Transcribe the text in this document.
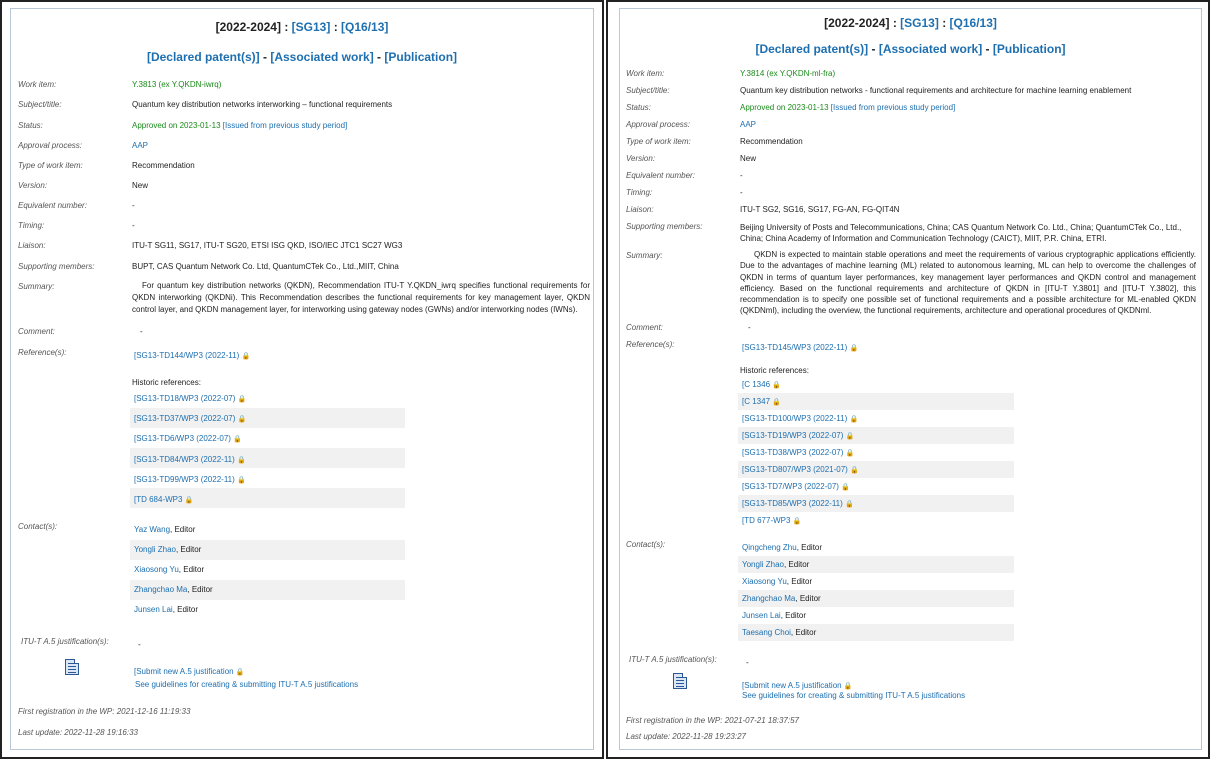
[2022-2024] : [SG13] : [Q16/13]
[Declared patent(s)] - [Associated work] - [Publication]
Work item:	Y.3813 (ex Y.QKDN-iwrq)
Subject/title:	Quantum key distribution networks interworking – functional requirements
Status:	Approved on 2023-01-13 [Issued from previous study period]
Approval process:	AAP
Type of work item:	Recommendation
Version:	New
Equivalent number:	-
Timing:	-
Liaison:	ITU-T SG11, SG17, ITU-T SG20, ETSI ISG QKD, ISO/IEC JTC1 SC27 WG3
Supporting members:	BUPT, CAS Quantum Network Co. Ltd, QuantumCTek Co., Ltd.,MIIT, China
Summary:	For quantum key distribution networks (QKDN), Recommendation ITU-T Y.QKDN_iwrq specifies functional requirements for QKDN interworking (QKDNi). This Recommendation describes the functional requirements for key management layer, QKDN control layer, and QKDN management layer, for interworking using gateway nodes (GWNs) and/or interworking nodes (IWNs).
Comment:	-
Reference(s):	[SG13-TD144/WP3 (2022-11) 🔒
Historic references:
[SG13-TD18/WP3 (2022-07) 🔒
[SG13-TD37/WP3 (2022-07) 🔒
[SG13-TD6/WP3 (2022-07) 🔒
[SG13-TD84/WP3 (2022-11) 🔒
[SG13-TD99/WP3 (2022-11) 🔒
[TD 684-WP3 🔒
Contact(s):	Yaz Wang, Editor
Yongli Zhao, Editor
Xiaosong Yu, Editor
Zhangchao Ma, Editor
Junsen Lai, Editor
ITU-T A.5 justification(s):	-
[Submit new A.5 justification 🔒
See guidelines for creating & submitting ITU-T A.5 justifications
First registration in the WP: 2021-12-16 11:19:33
Last update: 2022-11-28 19:16:33
[2022-2024] : [SG13] : [Q16/13]
[Declared patent(s)] - [Associated work] - [Publication]
Work item:	Y.3814 (ex Y.QKDN-ml-fra)
Subject/title:	Quantum key distribution networks - functional requirements and architecture for machine learning enablement
Status:	Approved on 2023-01-13 [Issued from previous study period]
Approval process:	AAP
Type of work item:	Recommendation
Version:	New
Equivalent number:	-
Timing:	-
Liaison:	ITU-T SG2, SG16, SG17, FG-AN, FG-QIT4N
Supporting members:	Beijing University of Posts and Telecommunications, China; CAS Quantum Network Co. Ltd., China; QuantumCTek Co., Ltd., China; China Academy of Information and Communication Technology (CAICT), MIIT, P.R. China, ETRI.
Summary:	QKDN is expected to maintain stable operations and meet the requirements of various cryptographic applications efficiently. Due to the advantages of machine learning (ML) related to autonomous learning, ML can help to overcome the challenges of QKDN in terms of quantum layer performances, key management layer performances and QKDN control and management efficiency. Based on the functional requirements and architecture of QKDN in [ITU-T Y.3801] and [ITU-T Y.3802], this recommendation is to specify one possible set of functional requirements and a possible architecture for ML-enabled QKDN (QKDNml), including the overview, the functional requirements, architecture and operational procedures of QKDNml.
Comment:	-
Reference(s):	[SG13-TD145/WP3 (2022-11) 🔒
Historic references:
[C 1346 🔒
[C 1347 🔒
[SG13-TD100/WP3 (2022-11) 🔒
[SG13-TD19/WP3 (2022-07) 🔒
[SG13-TD38/WP3 (2022-07) 🔒
[SG13-TD807/WP3 (2021-07) 🔒
[SG13-TD7/WP3 (2022-07) 🔒
[SG13-TD85/WP3 (2022-11) 🔒
[TD 677-WP3 🔒
Contact(s):	Qingcheng Zhu, Editor
Yongli Zhao, Editor
Xiaosong Yu, Editor
Zhangchao Ma, Editor
Junsen Lai, Editor
Taesang Choi, Editor
ITU-T A.5 justification(s):	-
[Submit new A.5 justification 🔒
See guidelines for creating & submitting ITU-T A.5 justifications
First registration in the WP: 2021-07-21 18:37:57
Last update: 2022-11-28 19:23:27
